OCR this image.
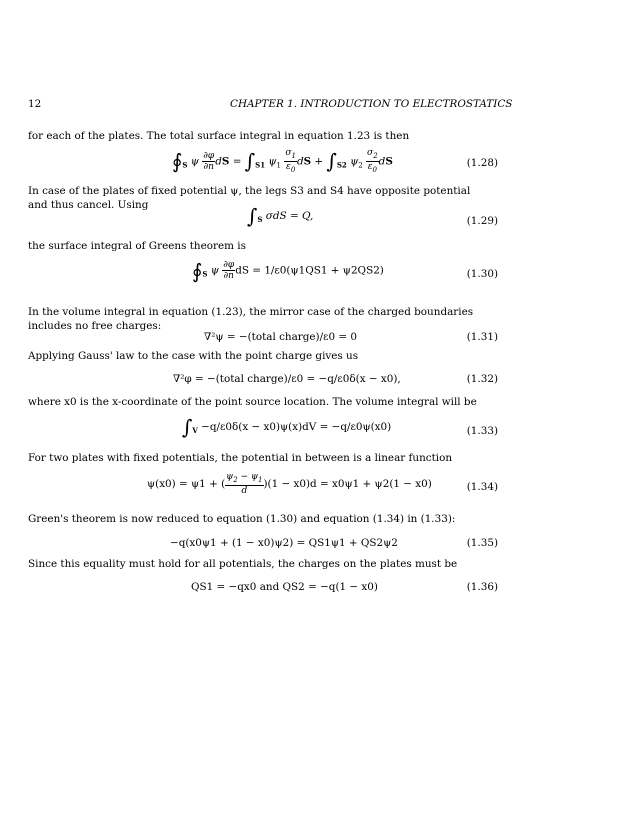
12	CHAPTER 1. INTRODUCTION TO ELECTROSTATICS
for each of the plates. The total surface integral in equation 1.23 is then
$∮_S$ ψ $\frac{\partial\varphi}{\partial n}$ dS = $\int_{S1}$ $\psi_1 \frac{\sigma_1}{\varepsilon_0}$ dS + $\int_{S2}$ $\psi_2 \frac{\sigma_2}{\varepsilon_0}$ dS	(1.28)
In case of the plates of fixed potential ψ, the legs S3 and S4 have opposite potential and thus cancel. Using	$\int_S$ σdS = Q,	(1.29)
the surface integral of Greens theorem is
$∮_S$ ψ $\frac{\partial\varphi}{\partial n}$ dS = 1/ε0(ψ1QS1 + ψ2QS2)	(1.30)
In the volume integral in equation (1.23), the mirror case of the charged boundaries includes no free charges:
∇²ψ = −(total charge)/ε0 = 0	(1.31)
Applying Gauss' law to the case with the point charge gives us
∇²φ = −(total charge)/ε0 = −q/ε0δ(x − x0),	(1.32)
where x0 is the x-coordinate of the point source location. The volume integral will be
$\int_V -q/\varepsilon 0\delta(x - x0)\psi(x)dV = -q/\varepsilon 0\psi(x0)$	(1.33)
For two plates with fixed potentials, the potential in between is a linear function
ψ(x0) = ψ1 + ( $\frac{\psi_2 - \psi_1}{d} )(1 - x0)d = x0\psi 1 + \psi 2(1 - x0)$	(1.34)
Green's theorem is now reduced to equation (1.30) and equation (1.34) in (1.33):
−q(x0ψ1 + (1 − x0)ψ2) = QS1ψ1 + QS2ψ2	(1.35)
Since this equality must hold for all potentials, the charges on the plates must be
QS1 = −qx0 and QS2 = −q(1 − x0)	(1.36)
